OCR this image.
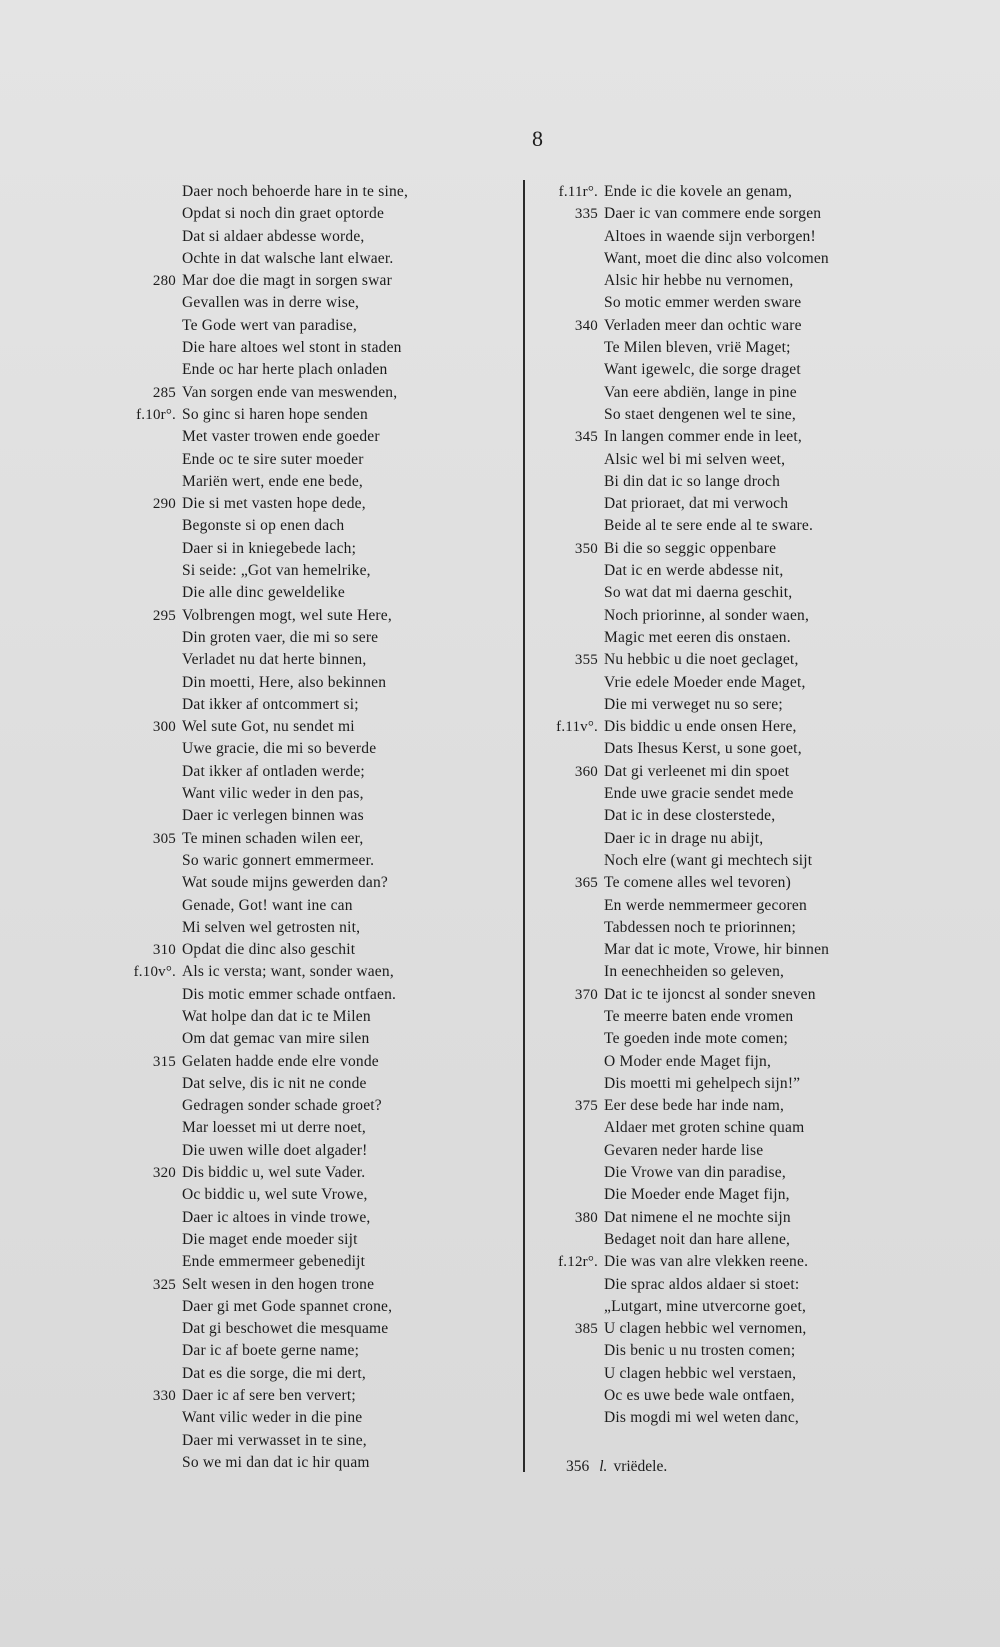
8
Daer noch behoerde hare in te sine,
Opdat si noch din graet optorde
Dat si aldaer abdesse worde,
Ochte in dat walsche lant elwaer.
280 Mar doe die magt in sorgen swar
Gevallen was in derre wise,
Te Gode wert van paradise,
Die hare altoes wel stont in staden
Ende oc har herte plach onladen
285 Van sorgen ende van meswenden,
f.10r°. So ginc si haren hope senden
Met vaster trowen ende goeder
Ende oc te sire suter moeder
Mariën wert, ende ene bede,
290 Die si met vasten hope dede,
Begonste si op enen dach
Daer si in kniegebede lach;
Si seide: „Got van hemelrike,
Die alle dinc geweldelike
295 Volbrengen mogt, wel sute Here,
Din groten vaer, die mi so sere
Verladet nu dat herte binnen,
Din moetti, Here, also bekinnen
Dat ikker af ontcommert si;
300 Wel sute Got, nu sendet mi
Uwe gracie, die mi so beverde
Dat ikker af ontladen werde;
Want vilic weder in den pas,
Daer ic verlegen binnen was
305 Te minen schaden wilen eer,
So waric gonnert emmermeer.
Wat soude mijns gewerden dan?
Genade, Got! want ine can
Mi selven wel getrosten nit,
310 Opdat die dinc also geschit
f.10v°. Als ic versta; want, sonder waen,
Dis motic emmer schade ontfaen.
Wat holpe dan dat ic te Milen
Om dat gemac van mire silen
315 Gelaten hadde ende elre vonde
Dat selve, dis ic nit ne conde
Gedragen sonder schade groet?
Mar loesset mi ut derre noet,
Die uwen wille doet algader!
320 Dis biddic u, wel sute Vader.
Oc biddic u, wel sute Vrowe,
Daer ic altoes in vinde trowe,
Die maget ende moeder sijt
Ende emmermeer gebenedijt
325 Selt wesen in den hogen trone
Daer gi met Gode spannet crone,
Dat gi beschowet die mesquame
Dar ic af boete gerne name;
Dat es die sorge, die mi dert,
330 Daer ic af sere ben ververt;
Want vilic weder in die pine
Daer mi verwasset in te sine,
So we mi dan dat ic hir quam
f.11r°. Ende ic die kovele an genam,
335 Daer ic van commere ende sorgen
Altoes in waende sijn verborgen!
Want, moet die dinc also volcomen
Alsic hir hebbe nu vernomen,
So motic emmer werden sware
340 Verladen meer dan ochtic ware
Te Milen bleven, vrië Maget;
Want igewelc, die sorge draget
Van eere abdiën, lange in pine
So staet dengenen wel te sine,
345 In langen commer ende in leet,
Alsic wel bi mi selven weet,
Bi din dat ic so lange droch
Dat prioraet, dat mi verwoch
Beide al te sere ende al te sware.
350 Bi die so seggic oppenbare
Dat ic en werde abdesse nit,
So wat dat mi daerna geschit,
Noch priorinne, al sonder waen,
Magic met eeren dis onstaen.
355 Nu hebbic u die noet geclaget,
Vrie edele Moeder ende Maget,
Die mi verweget nu so sere;
f.11v°. Dis biddic u ende onsen Here,
Dats Ihesus Kerst, u sone goet,
360 Dat gi verleenet mi din spoet
Ende uwe gracie sendet mede
Dat ic in dese closterstede,
Daer ic in drage nu abijt,
Noch elre (want gi mechtech sijt
365 Te comene alles wel tevoren)
En werde nemmermeer gecoren
Tabdessen noch te priorinnen;
Mar dat ic mote, Vrowe, hir binnen
In eenechheiden so geleven,
370 Dat ic te ijoncst al sonder sneven
Te meerre baten ende vromen
Te goeden inde mote comen;
O Moder ende Maget fijn,
Dis moetti mi gehelpech sijn!”
375 Eer dese bede har inde nam,
Aldaer met groten schine quam
Gevaren neder harde lise
Die Vrowe van din paradise,
Die Moeder ende Maget fijn,
380 Dat nimene el ne mochte sijn
Bedaget noit dan hare allene,
f.12r°. Die was van alre vlekken reene.
Die sprac aldos aldaer si stoet:
„Lutgart, mine utvercorne goet,
385 U clagen hebbic wel vernomen,
Dis benic u nu trosten comen;
U clagen hebbic wel verstaen,
Oc es uwe bede wale ontfaen,
Dis mogdi mi wel weten danc,
356 l. vriëdele.
